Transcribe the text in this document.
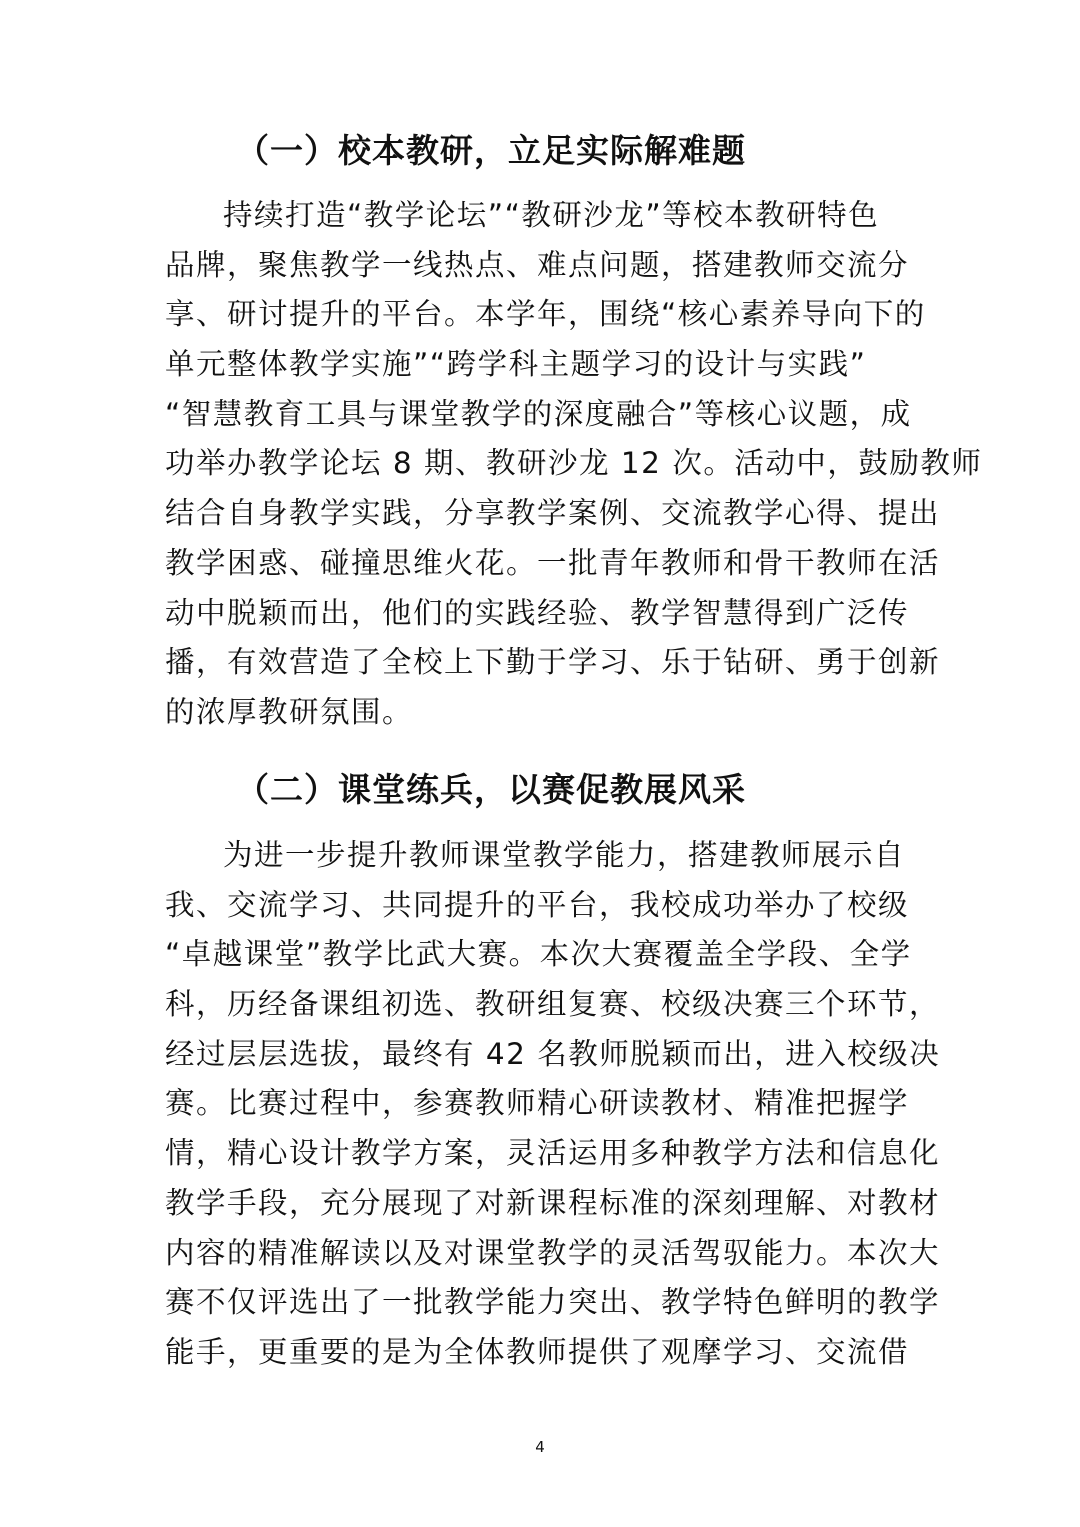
（一）校本教研，立足实际解难题
持续打造“教学论坛”“教研沙龙”等校本教研特色
品牌，聚焦教学一线热点、难点问题，搭建教师交流分
享、研讨提升的平台。本学年，围绕“核心素养导向下的
单元整体教学实施”“跨学科主题学习的设计与实践”
“智慧教育工具与课堂教学的深度融合”等核心议题，成
功举办教学论坛 8 期、教研沙龙 12 次。活动中，鼓励教师
结合自身教学实践，分享教学案例、交流教学心得、提出
教学困惑、碰撞思维火花。一批青年教师和骨干教师在活
动中脱颖而出，他们的实践经验、教学智慧得到广泛传
播，有效营造了全校上下勤于学习、乐于钻研、勇于创新
的浓厚教研氛围。
（二）课堂练兵，以赛促教展风采
为进一步提升教师课堂教学能力，搭建教师展示自
我、交流学习、共同提升的平台，我校成功举办了校级
“卓越课堂”教学比武大赛。本次大赛覆盖全学段、全学
科，历经备课组初选、教研组复赛、校级决赛三个环节，
经过层层选拔，最终有 42 名教师脱颖而出，进入校级决
赛。比赛过程中，参赛教师精心研读教材、精准把握学
情，精心设计教学方案，灵活运用多种教学方法和信息化
教学手段，充分展现了对新课程标准的深刻理解、对教材
内容的精准解读以及对课堂教学的灵活驾驭能力。本次大
赛不仅评选出了一批教学能力突出、教学特色鲜明的教学
能手，更重要的是为全体教师提供了观摩学习、交流借
4
